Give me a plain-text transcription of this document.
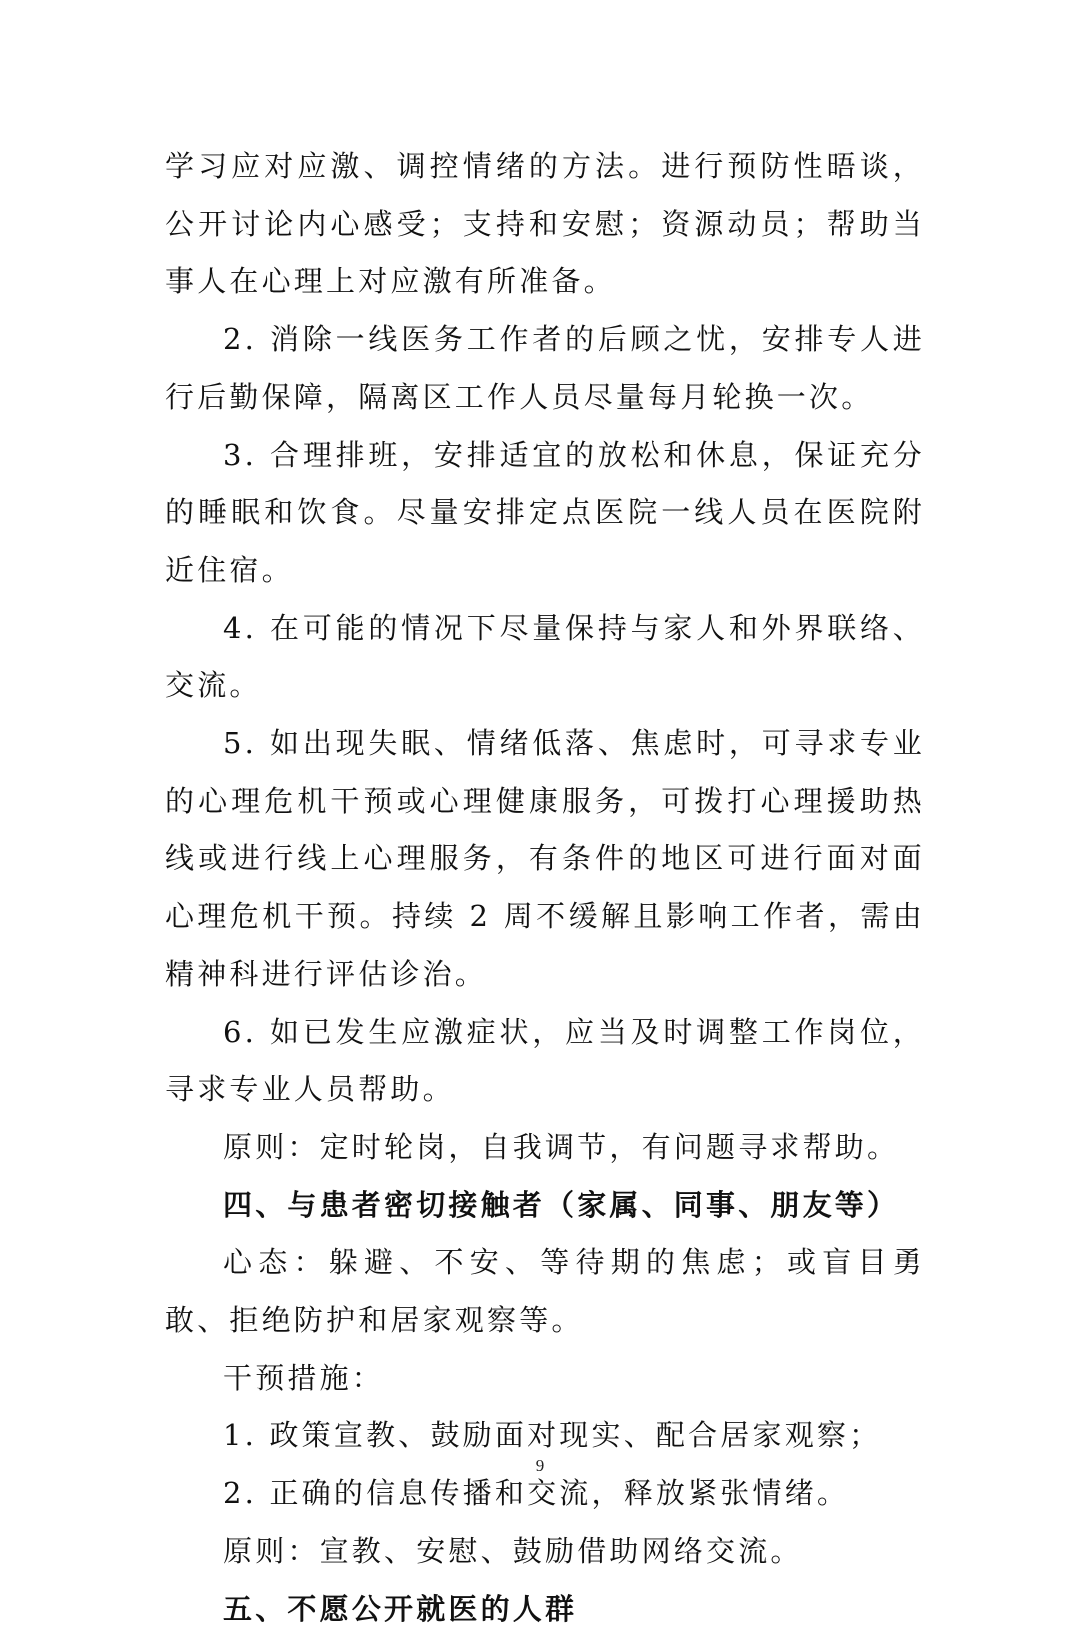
学习应对应激、调控情绪的方法。进行预防性晤谈，公开讨论内心感受；支持和安慰；资源动员；帮助当事人在心理上对应激有所准备。

2. 消除一线医务工作者的后顾之忧，安排专人进行后勤保障，隔离区工作人员尽量每月轮换一次。

3. 合理排班，安排适宜的放松和休息，保证充分的睡眠和饮食。尽量安排定点医院一线人员在医院附近住宿。

4. 在可能的情况下尽量保持与家人和外界联络、交流。

5. 如出现失眠、情绪低落、焦虑时，可寻求专业的心理危机干预或心理健康服务，可拨打心理援助热线或进行线上心理服务，有条件的地区可进行面对面心理危机干预。持续 2 周不缓解且影响工作者，需由精神科进行评估诊治。

6. 如已发生应激症状，应当及时调整工作岗位，寻求专业人员帮助。

原则：定时轮岗，自我调节，有问题寻求帮助。

四、与患者密切接触者（家属、同事、朋友等）

心态：躲避、不安、等待期的焦虑；或盲目勇敢、拒绝防护和居家观察等。

干预措施：

1. 政策宣教、鼓励面对现实、配合居家观察；

2. 正确的信息传播和交流，释放紧张情绪。

原则：宣教、安慰、鼓励借助网络交流。

五、不愿公开就医的人群

9
